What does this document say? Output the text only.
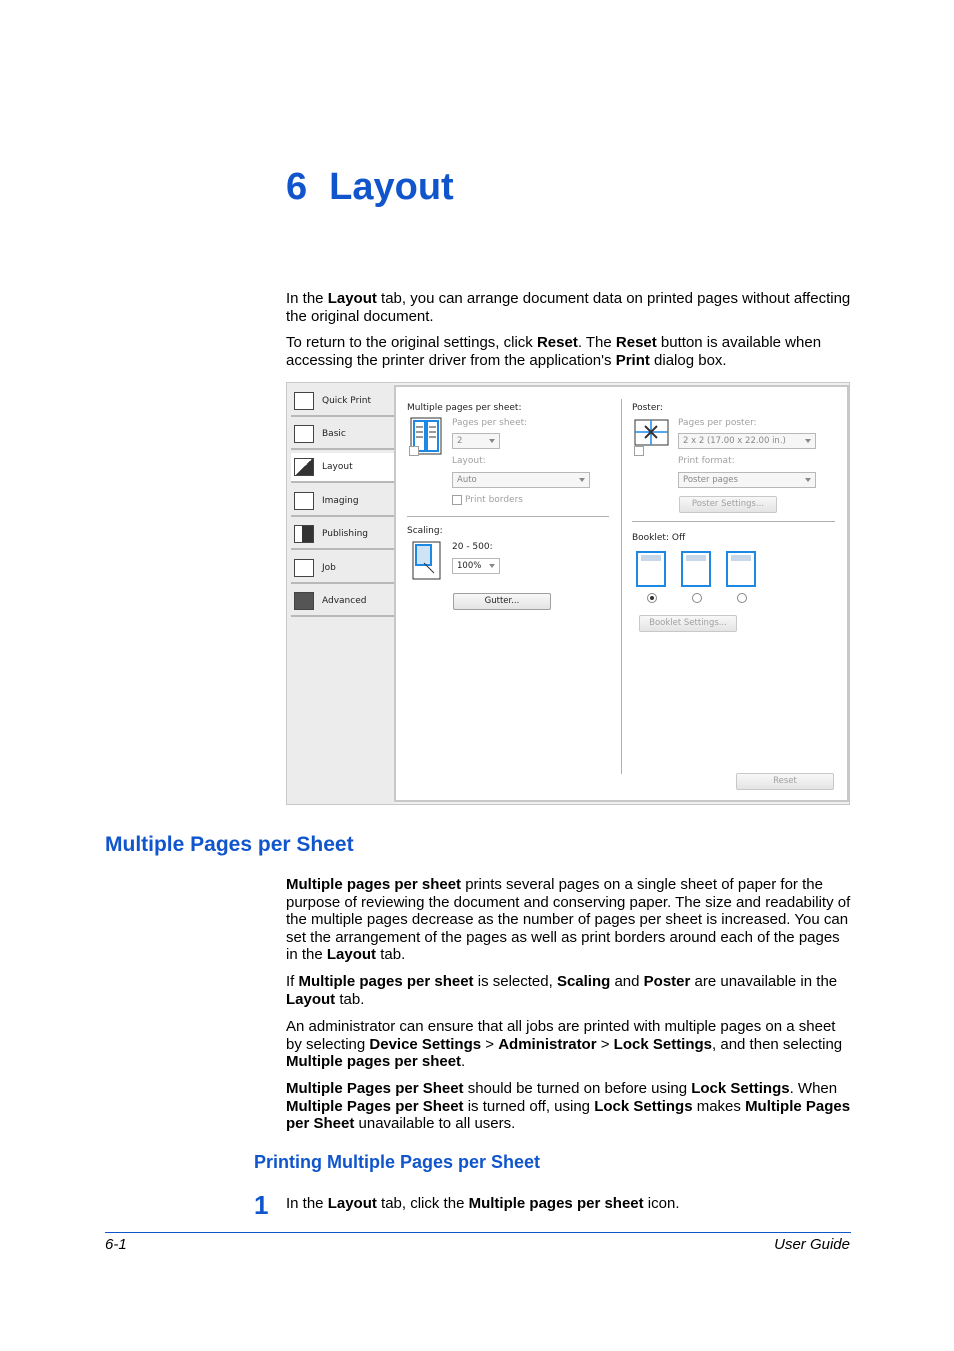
6 Layout

In the Layout tab, you can arrange document data on printed pages without affecting the original document.

To return to the original settings, click Reset. The Reset button is available when accessing the printer driver from the application's Print dialog box.

Quick Print
Basic
Layout
Imaging
Publishing
Job
Advanced
Multiple pages per sheet:
Pages per sheet:
2
Layout:
Auto
Print borders
Scaling:
20 - 500:
100%
Gutter...
Poster:
Pages per poster:
2 x 2 (17.00 x 22.00 in.)
Print format:
Poster pages
Poster Settings...
Booklet: Off
Booklet Settings...
Reset
Multiple Pages per Sheet

Multiple pages per sheet prints several pages on a single sheet of paper for the purpose of reviewing the document and conserving paper. The size and readability of the multiple pages decrease as the number of pages per sheet is increased. You can set the arrangement of the pages as well as print borders around each of the pages in the Layout tab.

If Multiple pages per sheet is selected, Scaling and Poster are unavailable in the Layout tab.

An administrator can ensure that all jobs are printed with multiple pages on a sheet by selecting Device Settings > Administrator > Lock Settings, and then selecting Multiple pages per sheet.

Multiple Pages per Sheet should be turned on before using Lock Settings. When Multiple Pages per Sheet is turned off, using Lock Settings makes Multiple Pages per Sheet unavailable to all users.

Printing Multiple Pages per Sheet
1 In the Layout tab, click the Multiple pages per sheet icon.

6-1	User Guide
